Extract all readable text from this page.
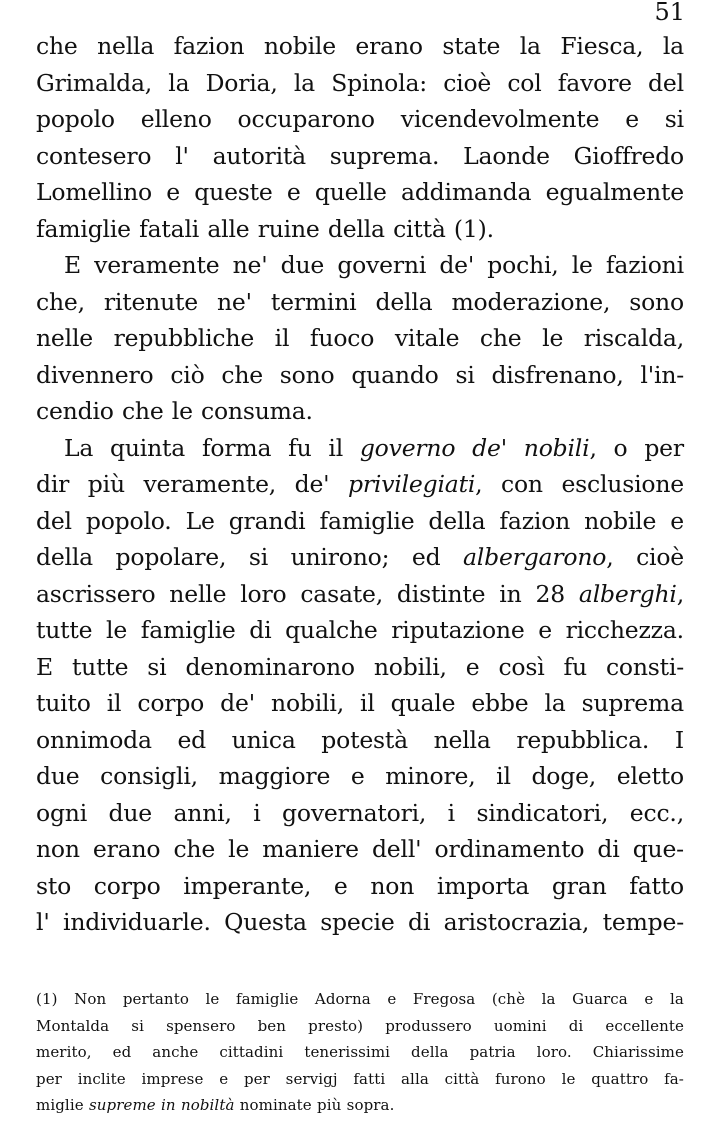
51
che nella fazion nobile erano state la Fiesca, la
Grimalda, la Doria, la Spinola: cioè col favore del
popolo elleno occuparono vicendevolmente e si
contesero l' autorità suprema. Laonde Gioffredo
Lomellino e queste e quelle addimanda egualmente
famiglie fatali alle ruine della città (1).
E veramente ne' due governi de' pochi, le fazioni
che, ritenute ne' termini della moderazione, sono
nelle repubbliche il fuoco vitale che le riscalda,
divennero ciò che sono quando si disfrenano, l'in-
cendio che le consuma.
La quinta forma fu il governo de' nobili, o per
dir più veramente, de' privilegiati, con esclusione
del popolo. Le grandi famiglie della fazion nobile e
della popolare, si unirono; ed albergarono, cioè
ascrissero nelle loro casate, distinte in 28 alberghi,
tutte le famiglie di qualche riputazione e ricchezza.
E tutte si denominarono nobili, e così fu consti-
tuito il corpo de' nobili, il quale ebbe la suprema
onnimoda ed unica potestà nella repubblica. I
due consigli, maggiore e minore, il doge, eletto
ogni due anni, i governatori, i sindicatori, ecc.,
non erano che le maniere dell' ordinamento di que-
sto corpo imperante, e non importa gran fatto
l' individuarle. Questa specie di aristocrazia, tempe-
(1) Non pertanto le famiglie Adorna e Fregosa (chè la Guarca e la
Montalda si spensero ben presto) produssero uomini di eccellente
merito, ed anche cittadini tenerissimi della patria loro. Chiarissime
per inclite imprese e per servigj fatti alla città furono le quattro fa-
miglie supreme in nobiltà nominate più sopra.
